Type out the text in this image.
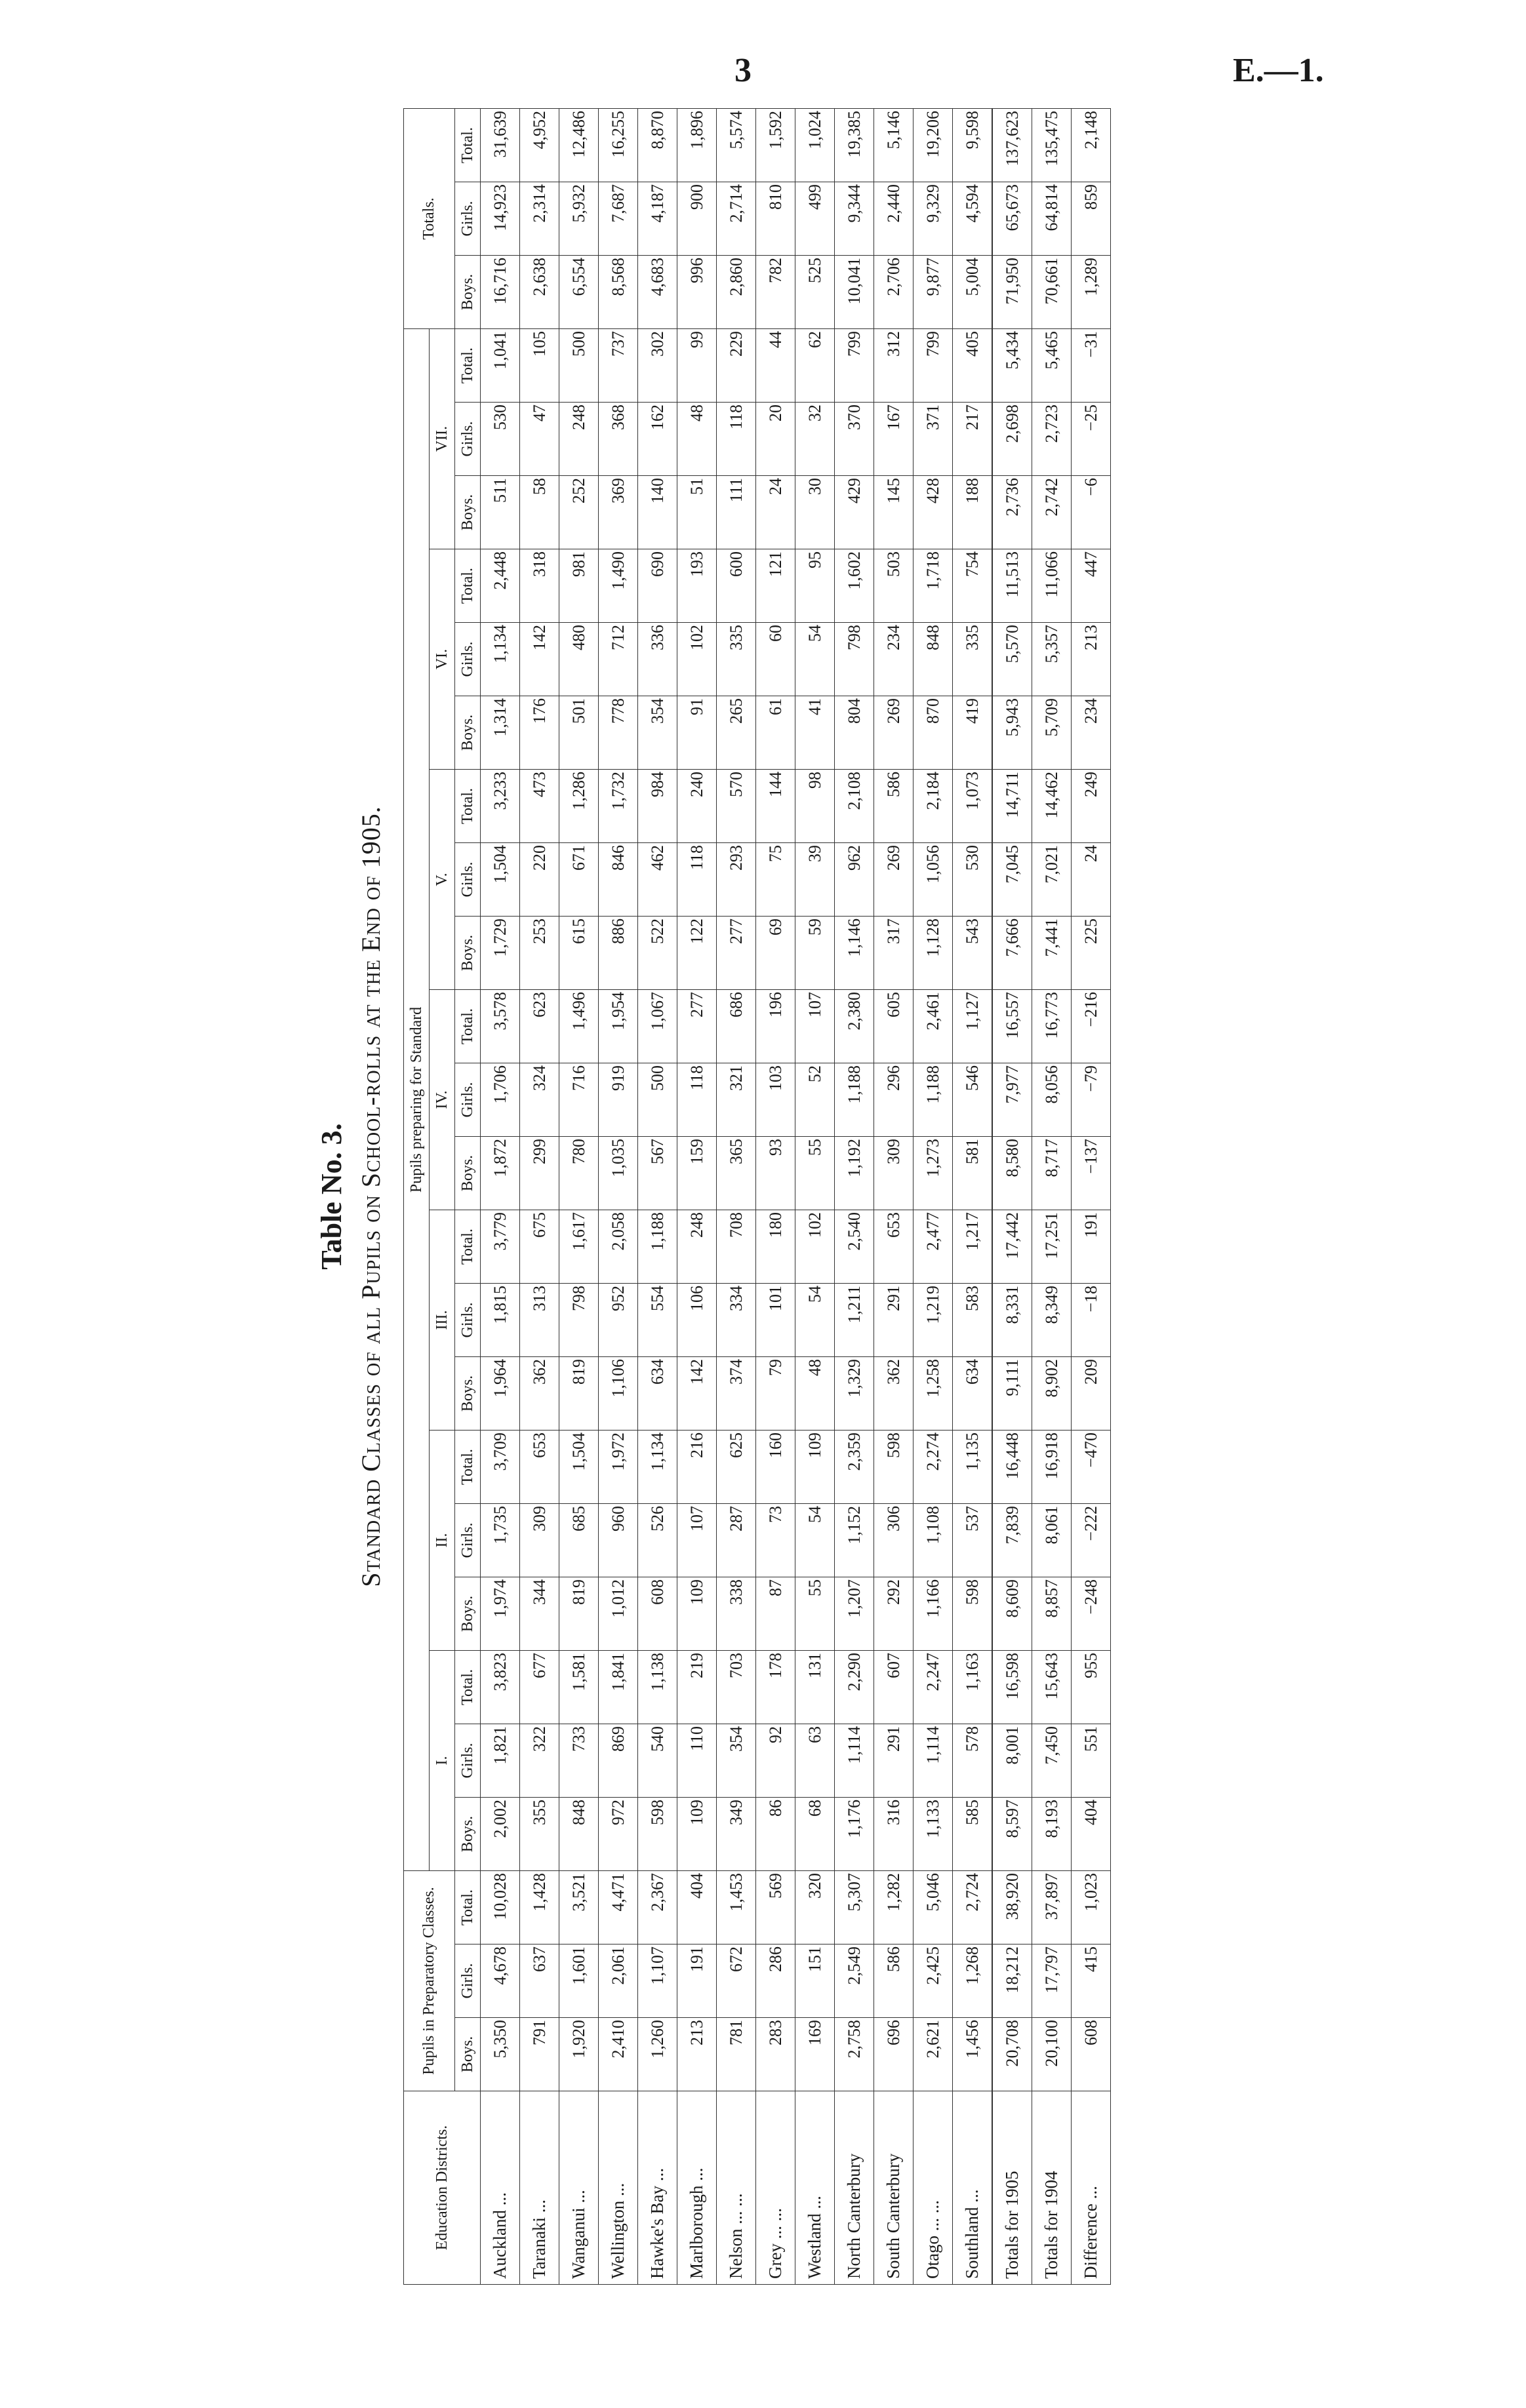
3	E.—1.
Table No. 3. Standard Classes of all Pupils on School-rolls at the End of 1905.
Education Districts.	Pupils in Preparatory Classes.			Pupils preparing for Standard																					Totals.		
				I.			II.			III.			IV.			V.			VI.			VII.					
	Boys.	Girls.	Total.	Boys.	Girls.	Total.	Boys.	Girls.	Total.	Boys.	Girls.	Total.	Boys.	Girls.	Total.	Boys.	Girls.	Total.	Boys.	Girls.	Total.	Boys.	Girls.	Total.	Boys.	Girls.	Total.
Auckland ...	5,350	4,678	10,028	2,002	1,821	3,823	1,974	1,735	3,709	1,964	1,815	3,779	1,872	1,706	3,578	1,729	1,504	3,233	1,314	1,134	2,448	511	530	1,041	16,716	14,923	31,639
Taranaki ...	791	637	1,428	355	322	677	344	309	653	362	313	675	299	324	623	253	220	473	176	142	318	58	47	105	2,638	2,314	4,952
Wanganui ...	1,920	1,601	3,521	848	733	1,581	819	685	1,504	819	798	1,617	780	716	1,496	615	671	1,286	501	480	981	252	248	500	6,554	5,932	12,486
Wellington ...	2,410	2,061	4,471	972	869	1,841	1,012	960	1,972	1,106	952	2,058	1,035	919	1,954	886	846	1,732	778	712	1,490	369	368	737	8,568	7,687	16,255
Hawke's Bay ...	1,260	1,107	2,367	598	540	1,138	608	526	1,134	634	554	1,188	567	500	1,067	522	462	984	354	336	690	140	162	302	4,683	4,187	8,870
Marlborough ...	213	191	404	109	110	219	109	107	216	142	106	248	159	118	277	122	118	240	91	102	193	51	48	99	996	900	1,896
Nelson ... ...	781	672	1,453	349	354	703	338	287	625	374	334	708	365	321	686	277	293	570	265	335	600	111	118	229	2,860	2,714	5,574
Grey ... ...	283	286	569	86	92	178	87	73	160	79	101	180	93	103	196	69	75	144	61	60	121	24	20	44	782	810	1,592
Westland ...	169	151	320	68	63	131	55	54	109	48	54	102	55	52	107	59	39	98	41	54	95	30	32	62	525	499	1,024
North Canterbury	2,758	2,549	5,307	1,176	1,114	2,290	1,207	1,152	2,359	1,329	1,211	2,540	1,192	1,188	2,380	1,146	962	2,108	804	798	1,602	429	370	799	10,041	9,344	19,385
South Canterbury	696	586	1,282	316	291	607	292	306	598	362	291	653	309	296	605	317	269	586	269	234	503	145	167	312	2,706	2,440	5,146
Otago ... ...	2,621	2,425	5,046	1,133	1,114	2,247	1,166	1,108	2,274	1,258	1,219	2,477	1,273	1,188	2,461	1,128	1,056	2,184	870	848	1,718	428	371	799	9,877	9,329	19,206
Southland ...	1,456	1,268	2,724	585	578	1,163	598	537	1,135	634	583	1,217	581	546	1,127	543	530	1,073	419	335	754	188	217	405	5,004	4,594	9,598
Totals for 1905	20,708	18,212	38,920	8,597	8,001	16,598	8,609	7,839	16,448	9,111	8,331	17,442	8,580	7,977	16,557	7,666	7,045	14,711	5,943	5,570	11,513	2,736	2,698	5,434	71,950	65,673	137,623
Totals for 1904	20,100	17,797	37,897	8,193	7,450	15,643	8,857	8,061	16,918	8,902	8,349	17,251	8,717	8,056	16,773	7,441	7,021	14,462	5,709	5,357	11,066	2,742	2,723	5,465	70,661	64,814	135,475
Difference ...	608	415	1,023	404	551	955	−248	−222	−470	209	−18	191	−137	−79	−216	225	24	249	234	213	447	−6	−25	−31	1,289	859	2,148
